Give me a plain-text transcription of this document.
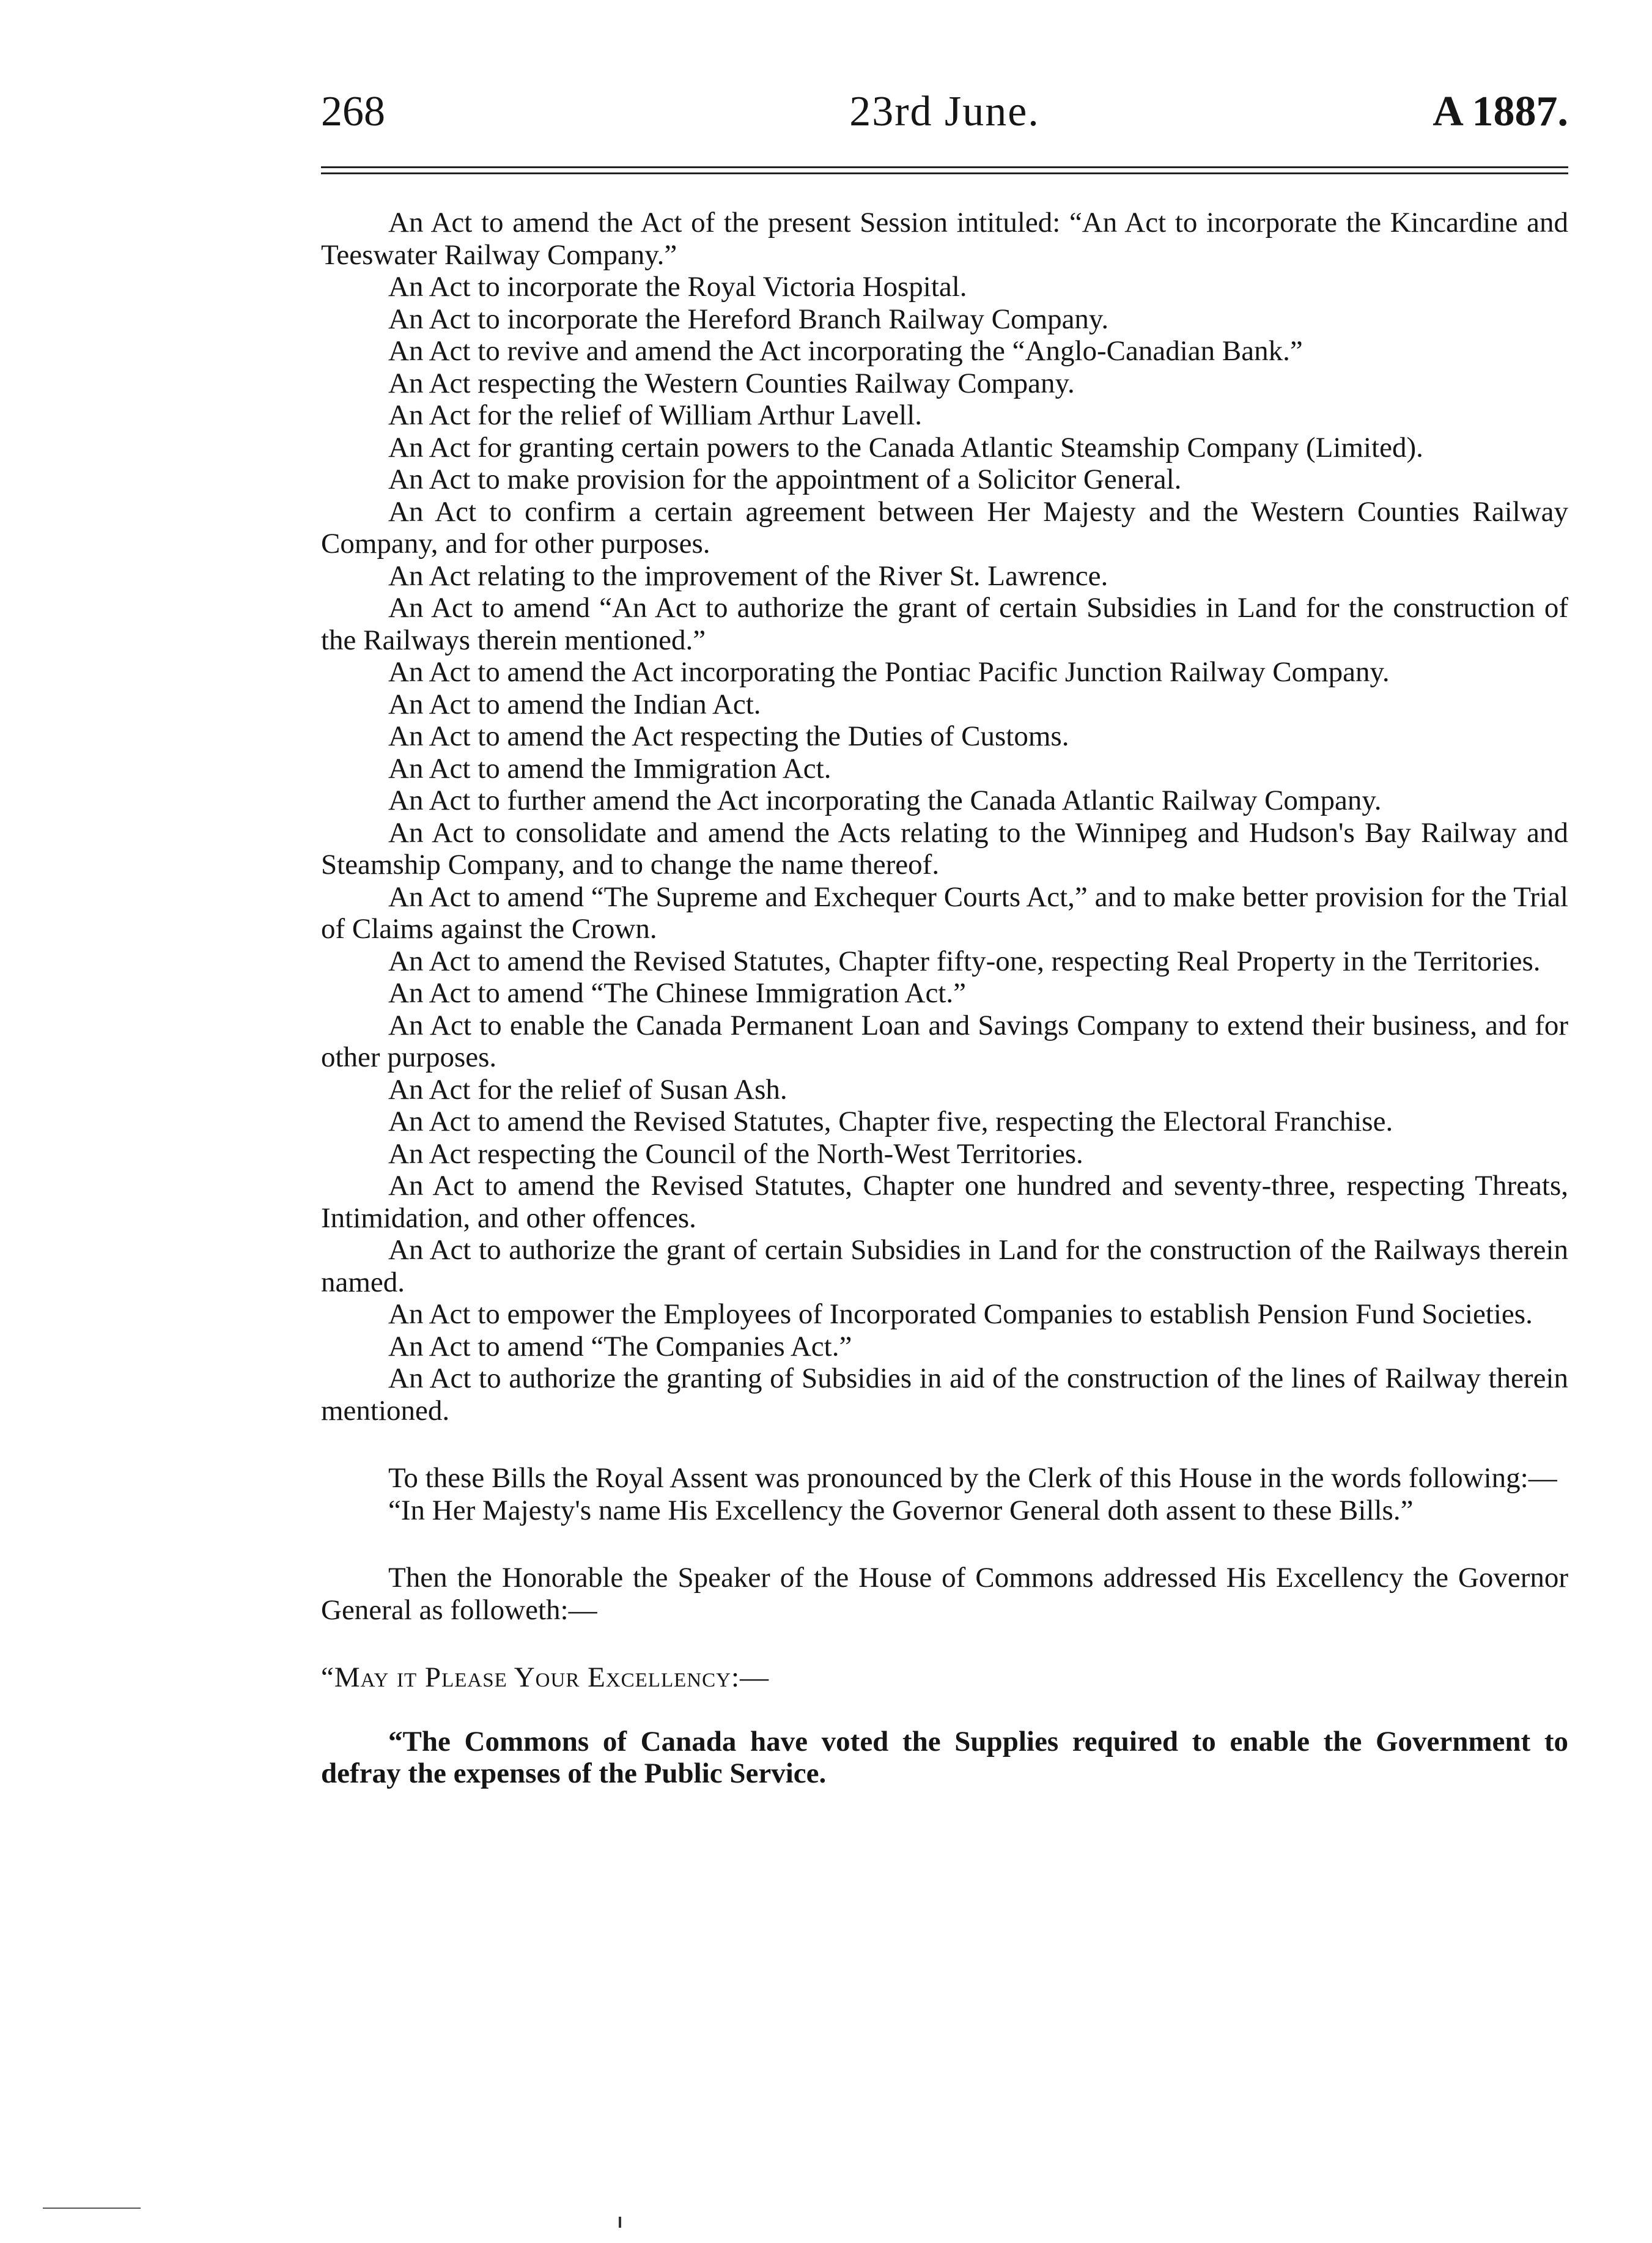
268	23rd June.	A 1887.

An Act to amend the Act of the present Session intituled: “An Act to incorporate the Kincardine and Teeswater Railway Company.”

An Act to incorporate the Royal Victoria Hospital.

An Act to incorporate the Hereford Branch Railway Company.

An Act to revive and amend the Act incorporating the “Anglo-Canadian Bank.”

An Act respecting the Western Counties Railway Company.

An Act for the relief of William Arthur Lavell.

An Act for granting certain powers to the Canada Atlantic Steamship Company (Limited).

An Act to make provision for the appointment of a Solicitor General.

An Act to confirm a certain agreement between Her Majesty and the Western Counties Railway Company, and for other purposes.

An Act relating to the improvement of the River St. Lawrence.

An Act to amend “An Act to authorize the grant of certain Subsidies in Land for the construction of the Railways therein mentioned.”

An Act to amend the Act incorporating the Pontiac Pacific Junction Railway Company.

An Act to amend the Indian Act.

An Act to amend the Act respecting the Duties of Customs.

An Act to amend the Immigration Act.

An Act to further amend the Act incorporating the Canada Atlantic Railway Company.

An Act to consolidate and amend the Acts relating to the Winnipeg and Hudson's Bay Railway and Steamship Company, and to change the name thereof.

An Act to amend “The Supreme and Exchequer Courts Act,” and to make better provision for the Trial of Claims against the Crown.

An Act to amend the Revised Statutes, Chapter fifty-one, respecting Real Property in the Territories.

An Act to amend “The Chinese Immigration Act.”

An Act to enable the Canada Permanent Loan and Savings Company to extend their business, and for other purposes.

An Act for the relief of Susan Ash.

An Act to amend the Revised Statutes, Chapter five, respecting the Electoral Franchise.

An Act respecting the Council of the North-West Territories.

An Act to amend the Revised Statutes, Chapter one hundred and seventy-three, respecting Threats, Intimidation, and other offences.

An Act to authorize the grant of certain Subsidies in Land for the construction of the Railways therein named.

An Act to empower the Employees of Incorporated Companies to establish Pension Fund Societies.

An Act to amend “The Companies Act.”

An Act to authorize the granting of Subsidies in aid of the construction of the lines of Railway therein mentioned.

To these Bills the Royal Assent was pronounced by the Clerk of this House in the words following:—

“In Her Majesty's name His Excellency the Governor General doth assent to these Bills.”

Then the Honorable the Speaker of the House of Commons addressed His Excellency the Governor General as followeth:—

“May it Please Your Excellency:—

“The Commons of Canada have voted the Supplies required to enable the Government to defray the expenses of the Public Service.
